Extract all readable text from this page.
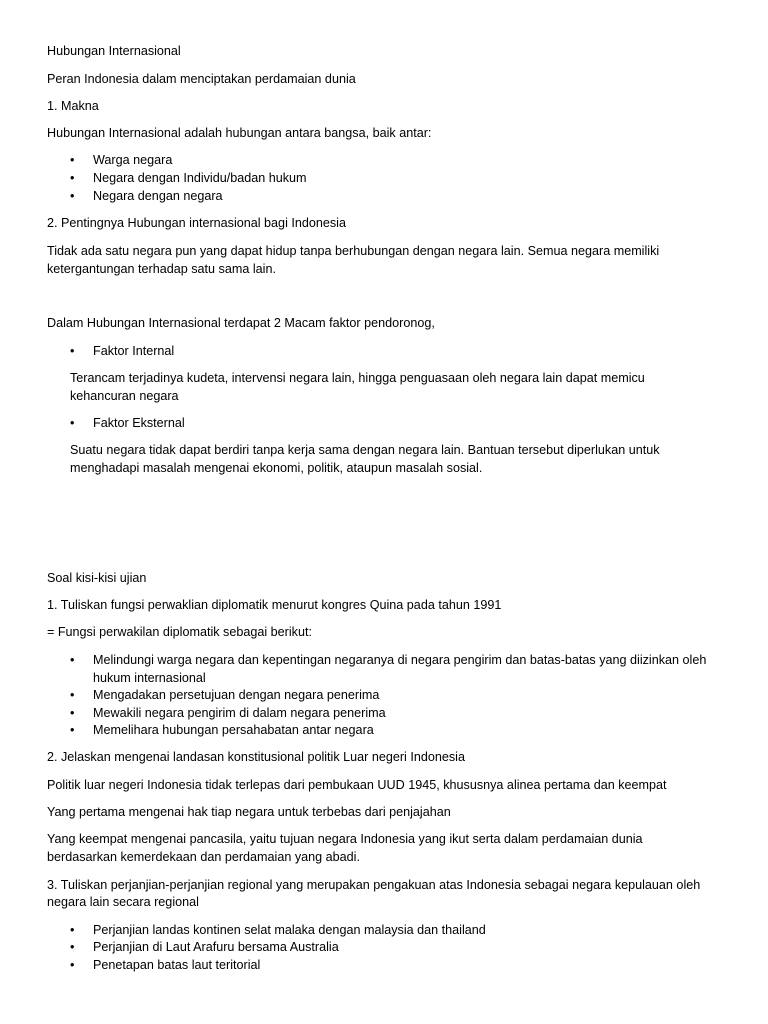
Hubungan Internasional
Peran Indonesia dalam menciptakan perdamaian dunia
1. Makna
Hubungan Internasional adalah hubungan antara bangsa, baik antar:
•
Warga negara
•
Negara dengan Individu/badan hukum
•
Negara dengan negara
2. Pentingnya Hubungan internasional bagi Indonesia
Tidak ada satu negara pun yang dapat hidup tanpa berhubungan dengan negara lain. Semua negara memiliki
ketergantungan terhadap satu sama lain.
Dalam Hubungan Internasional terdapat 2 Macam faktor pendoronog,
•
Faktor Internal
Terancam terjadinya kudeta, intervensi negara lain, hingga penguasaan oleh negara lain dapat memicu
kehancuran negara
•
Faktor Eksternal
Suatu negara tidak dapat berdiri tanpa kerja sama dengan negara lain. Bantuan tersebut diperlukan untuk
menghadapi masalah mengenai ekonomi, politik, ataupun masalah sosial.
Soal kisi-kisi ujian
1. Tuliskan fungsi perwaklian diplomatik menurut kongres Quina pada tahun 1991
= Fungsi perwakilan diplomatik sebagai berikut:
•
Melindungi warga negara dan kepentingan negaranya di negara pengirim dan batas-batas yang diizinkan oleh
hukum internasional
•
Mengadakan persetujuan dengan negara penerima
•
Mewakili negara pengirim di dalam negara penerima
•
Memelihara hubungan persahabatan antar negara
2. Jelaskan mengenai landasan konstitusional politik Luar negeri Indonesia
Politik luar negeri Indonesia tidak terlepas dari pembukaan UUD 1945, khususnya alinea pertama dan keempat
Yang pertama mengenai hak tiap negara untuk terbebas dari penjajahan
Yang keempat mengenai pancasila, yaitu tujuan negara Indonesia yang ikut serta dalam perdamaian dunia
berdasarkan kemerdekaan dan perdamaian yang abadi.
3. Tuliskan perjanjian-perjanjian regional yang merupakan pengakuan atas Indonesia sebagai negara kepulauan oleh
negara lain secara regional
•
Perjanjian landas kontinen selat malaka dengan malaysia dan thailand
•
Perjanjian di Laut Arafuru bersama Australia
•
Penetapan batas laut teritorial
